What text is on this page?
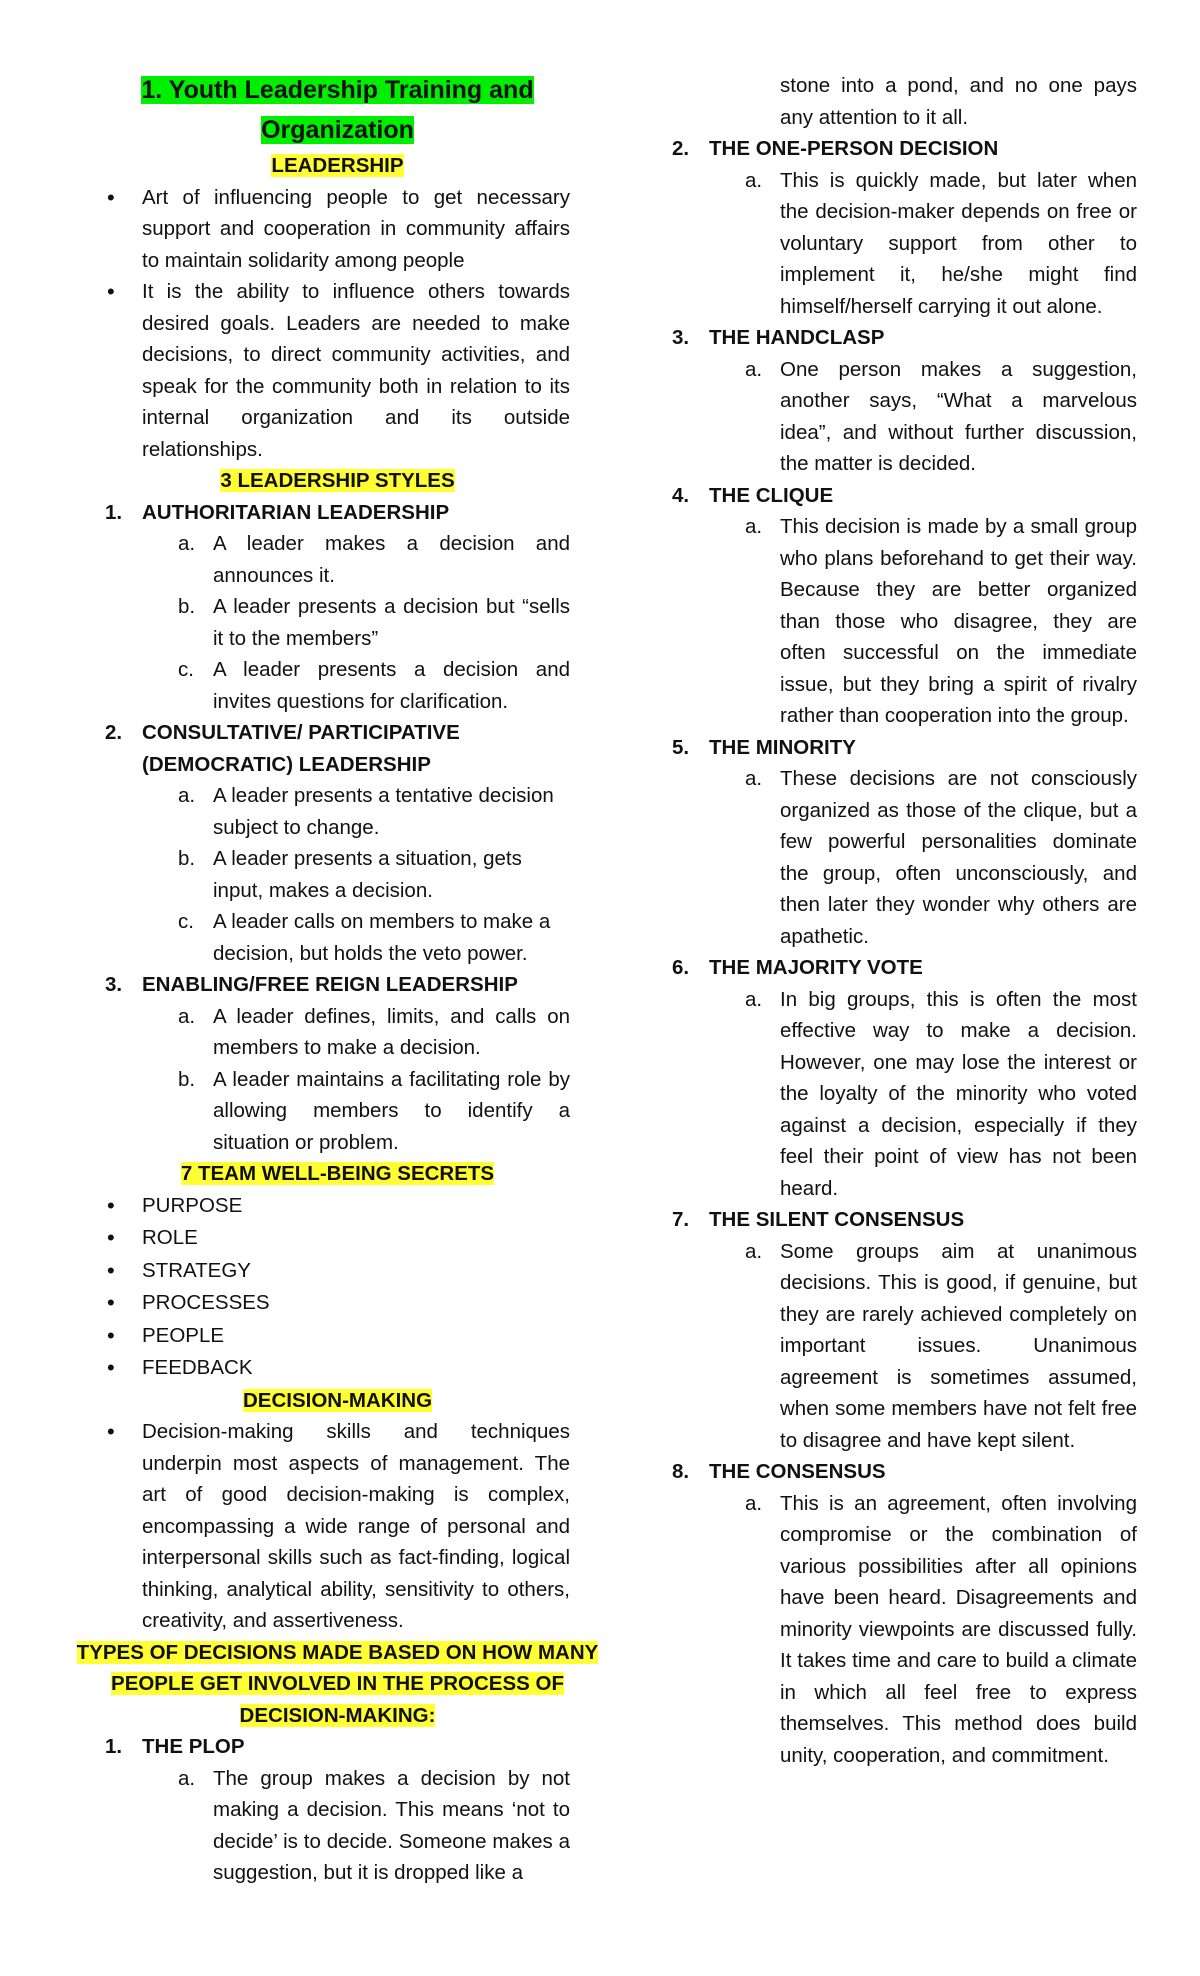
1. Youth Leadership Training and
Organization
LEADERSHIP
• Art of influencing people to get necessary support and cooperation in community affairs to maintain solidarity among people
• It is the ability to influence others towards desired goals. Leaders are needed to make decisions, to direct community activities, and speak for the community both in relation to its internal organization and its outside relationships.
3 LEADERSHIP STYLES
1. AUTHORITARIAN LEADERSHIP
a. A leader makes a decision and announces it.
b. A leader presents a decision but “sells it to the members”
c. A leader presents a decision and invites questions for clarification.
2. CONSULTATIVE/ PARTICIPATIVE (DEMOCRATIC) LEADERSHIP
a. A leader presents a tentative decision subject to change.
b. A leader presents a situation, gets input, makes a decision.
c. A leader calls on members to make a decision, but holds the veto power.
3. ENABLING/FREE REIGN LEADERSHIP
a. A leader defines, limits, and calls on members to make a decision.
b. A leader maintains a facilitating role by allowing members to identify a situation or problem.
7 TEAM WELL-BEING SECRETS
• PURPOSE
• ROLE
• STRATEGY
• PROCESSES
• PEOPLE
• FEEDBACK
DECISION-MAKING
• Decision-making skills and techniques underpin most aspects of management. The art of good decision-making is complex, encompassing a wide range of personal and interpersonal skills such as fact-finding, logical thinking, analytical ability, sensitivity to others, creativity, and assertiveness.
TYPES OF DECISIONS MADE BASED ON HOW MANY PEOPLE GET INVOLVED IN THE PROCESS OF DECISION-MAKING:
1. THE PLOP
a. The group makes a decision by not making a decision. This means ‘not to decide’ is to decide. Someone makes a suggestion, but it is dropped like a
stone into a pond, and no one pays any attention to it all.
2. THE ONE-PERSON DECISION
a. This is quickly made, but later when the decision-maker depends on free or voluntary support from other to implement it, he/she might find himself/herself carrying it out alone.
3. THE HANDCLASP
a. One person makes a suggestion, another says, “What a marvelous idea”, and without further discussion, the matter is decided.
4. THE CLIQUE
a. This decision is made by a small group who plans beforehand to get their way. Because they are better organized than those who disagree, they are often successful on the immediate issue, but they bring a spirit of rivalry rather than cooperation into the group.
5. THE MINORITY
a. These decisions are not consciously organized as those of the clique, but a few powerful personalities dominate the group, often unconsciously, and then later they wonder why others are apathetic.
6. THE MAJORITY VOTE
a. In big groups, this is often the most effective way to make a decision. However, one may lose the interest or the loyalty of the minority who voted against a decision, especially if they feel their point of view has not been heard.
7. THE SILENT CONSENSUS
a. Some groups aim at unanimous decisions. This is good, if genuine, but they are rarely achieved completely on important issues. Unanimous agreement is sometimes assumed, when some members have not felt free to disagree and have kept silent.
8. THE CONSENSUS
a. This is an agreement, often involving compromise or the combination of various possibilities after all opinions have been heard. Disagreements and minority viewpoints are discussed fully. It takes time and care to build a climate in which all feel free to express themselves. This method does build unity, cooperation, and commitment.
